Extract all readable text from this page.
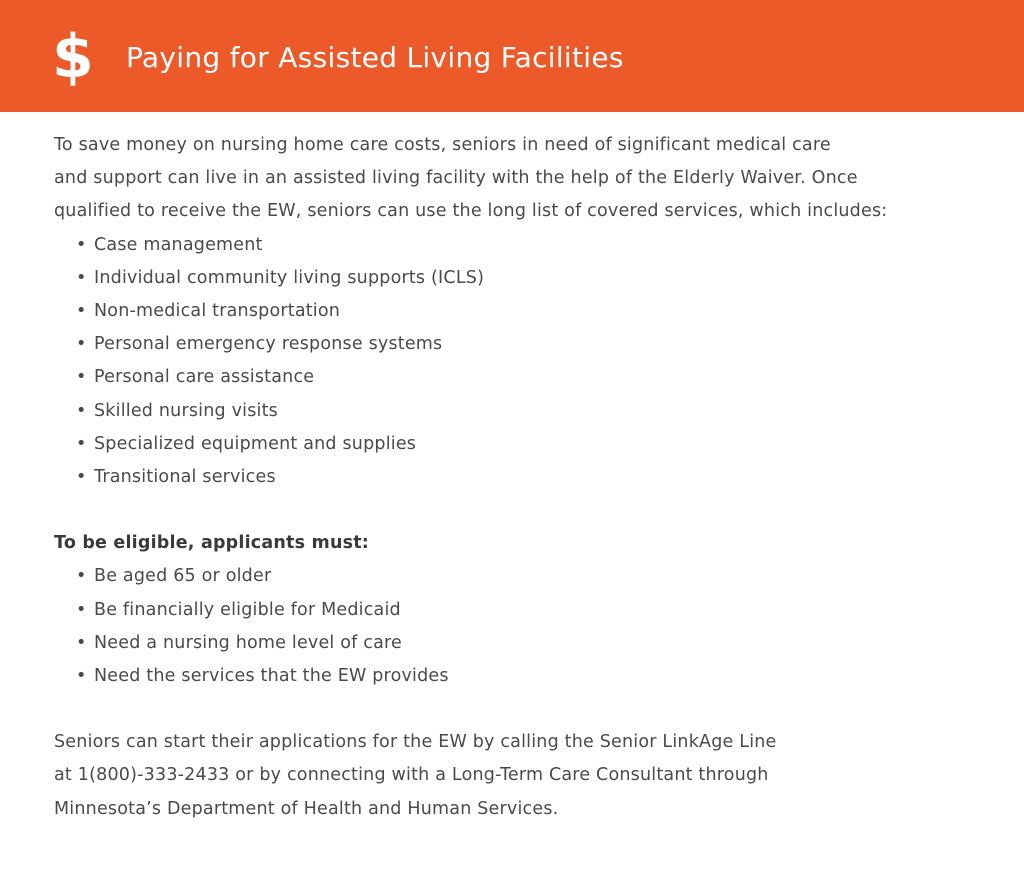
$ Paying for Assisted Living Facilities

To save money on nursing home care costs, seniors in need of significant medical care
and support can live in an assisted living facility with the help of the Elderly Waiver. Once
qualified to receive the EW, seniors can use the long list of covered services, which includes:

• Case management
• Individual community living supports (ICLS)
• Non-medical transportation
• Personal emergency response systems
• Personal care assistance
• Skilled nursing visits
• Specialized equipment and supplies
• Transitional services

To be eligible, applicants must:

• Be aged 65 or older
• Be financially eligible for Medicaid
• Need a nursing home level of care
• Need the services that the EW provides

Seniors can start their applications for the EW by calling the Senior LinkAge Line
at 1(800)-333-2433 or by connecting with a Long-Term Care Consultant through
Minnesota’s Department of Health and Human Services.
